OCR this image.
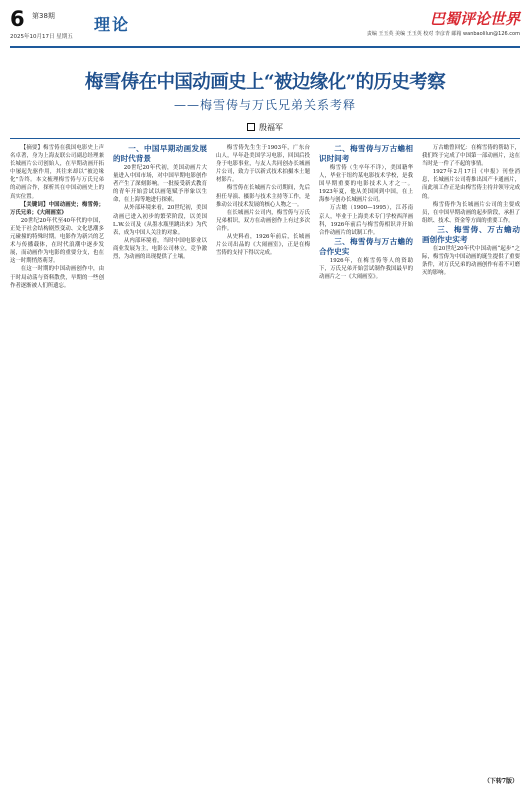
6 第38期
2025年10月17日 星期五
理论	巴蜀评论世界
责编 王玉英 美编 王玉英 校对 李彦青 邮箱 wanbaolilun@126.com
梅雪俦在中国动画史上“被边缘化”的历史考察
——梅雪俦与万氏兄弟关系考释
殷福军

【摘要】梅雪俦在我国电影史上声名卓著，身为上海友联公司副总经理兼长城画片公司创始人，在早期动画开拓中屡起先驱作用，其往来却以“被边缘化”告终。本文梳理梅雪俦与万氏兄弟的动画合作，探析其在中国动画史上的真实位置。

【关键词】中国动画史；梅雪俦；万氏兄弟；《大闹画室》

20世纪20年代至40年代的中国，正处于社会结构剧烈变动、文化思潮多元碰撞的特殊时期。电影作为新兴的艺术与传播载体，在时代浪潮中逐步发展，而动画作为电影的重要分支，也在这一时期悄然萌芽。

在这一时期的中国动画创作中，由于时局动荡与资料散佚，早期的一些创作者逐渐被人们所遗忘。

一、中国早期动画发展的时代背景

20世纪20年代初，美国动画片大量进入中国市场，对中国早期电影创作者产生了深刻影响。一批接受新式教育的青年开始尝试以画笔赋予形象以生命，在上海等地进行探索。

从外部环境来看，20世纪初，美国动画已进入初步的繁荣阶段，以美国L.W.公司及《从墨水瓶里跳出来》为代表，成为中国人关注的对象。

从内部环境看，当时中国电影业以商业发展为主，电影公司林立，竞争激烈，为动画的出现提供了土壤。

梅雪俦先生生于1903年，广东台山人，早年赴美国学习电影，回国后投身于电影事业，与友人共同创办长城画片公司，致力于以新式技术拍摄本土题材影片。

梅雪俦在长城画片公司期间，先后担任导演、摄影与技术主持等工作，是推动公司技术发展的核心人物之一。

在长城画片公司内，梅雪俦与万氏兄弟相识，双方在动画创作上有过多次合作。

从史料看，1926年前后，长城画片公司出品的《大闹画室》，正是在梅雪俦的支持下得以完成。

二、梅雪俦与万古蟾相识时间考

梅雪俦（生卒年不详），美国籍华人，毕业于纽约某电影技术学校，是我国早期重要的电影技术人才之一。1923年夏，他从美国回到中国，在上海参与创办长城画片公司。

万古蟾（1900—1995），江苏南京人，毕业于上海美术专门学校西洋画科，1926年前后与梅雪俦相识并开始合作动画片的试制工作。

三、梅雪俦与万古蟾的合作史实

1926年，在梅雪俦等人的资助下，万氏兄弟开始尝试制作我国最早的动画片之一《大闹画室》。

万古蟾曾回忆：在梅雪俦的帮助下，我们终于完成了中国第一部动画片，这在当时是一件了不起的事情。

1927年2月17日《申报》刊登消息，长城画片公司将推出国产卡通画片，而此项工作正是由梅雪俦主持并领导完成的。

梅雪俦作为长城画片公司的主要成员，在中国早期动画的起步阶段，承担了组织、技术、资金等方面的重要工作。

三、梅雪俦、万古蟾动画创作史实考

在20世纪20年代中国动画“起步”之际，梅雪俦为中国动画的诞生提供了重要条件，对万氏兄弟的动画创作有着不可磨灭的影响。

（下转7版）
